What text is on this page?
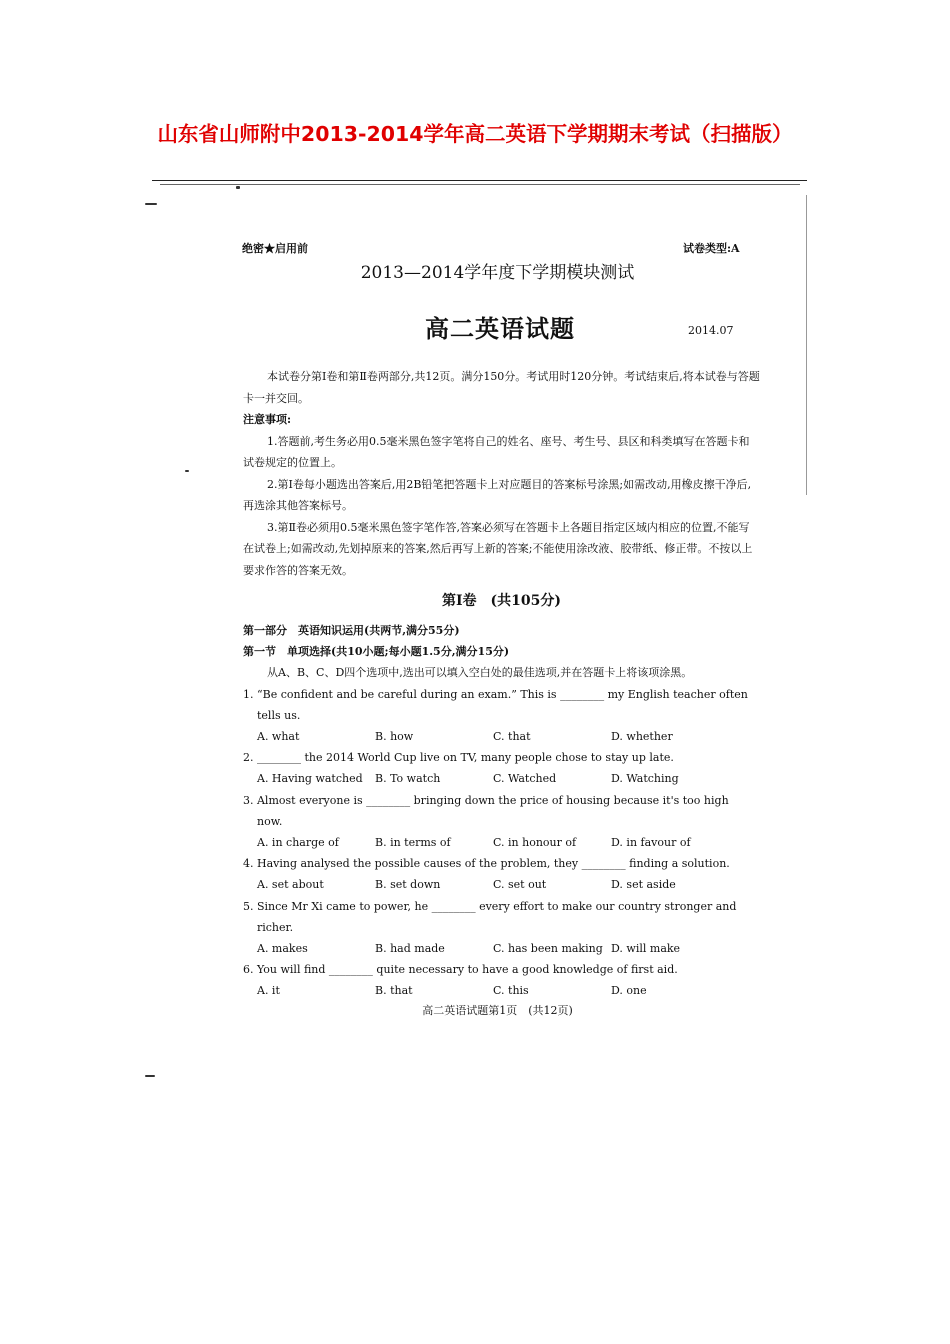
山东省山师附中2013-2014学年高二英语下学期期末考试（扫描版）
绝密★启用前	试卷类型:A
2013—2014学年度下学期模块测试
高二英语试题	2014.07

本试卷分第Ⅰ卷和第Ⅱ卷两部分,共12页。满分150分。考试用时120分钟。考试结束后,将本试卷与答题卡一并交回。

注意事项:

1.答题前,考生务必用0.5毫米黑色签字笔将自己的姓名、座号、考生号、县区和科类填写在答题卡和试卷规定的位置上。

2.第Ⅰ卷每小题选出答案后,用2B铅笔把答题卡上对应题目的答案标号涂黑;如需改动,用橡皮擦干净后,再选涂其他答案标号。

3.第Ⅱ卷必须用0.5毫米黑色签字笔作答,答案必须写在答题卡上各题目指定区域内相应的位置,不能写在试卷上;如需改动,先划掉原来的答案,然后再写上新的答案;不能使用涂改液、胶带纸、修正带。不按以上要求作答的答案无效。

第Ⅰ卷　(共105分)

第一部分　英语知识运用(共两节,满分55分)

第一节　单项选择(共10小题;每小题1.5分,满分15分)

从A、B、C、D四个选项中,选出可以填入空白处的最佳选项,并在答题卡上将该项涂黑。

1. “Be confident and be careful during an exam.” This is ________ my English teacher often

tells us.

A. what	B. how	C. that	D. whether

2. ________ the 2014 World Cup live on TV, many people chose to stay up late.

A. Having watched	B. To watch	C. Watched	D. Watching

3. Almost everyone is ________ bringing down the price of housing because it's too high

now.

A. in charge of	B. in terms of	C. in honour of	D. in favour of

4. Having analysed the possible causes of the problem, they ________ finding a solution.

A. set about	B. set down	C. set out	D. set aside

5. Since Mr Xi came to power, he ________ every effort to make our country stronger and

richer.

A. makes	B. had made	C. has been making D. will make

6. You will find ________ quite necessary to have a good knowledge of first aid.

A. it	B. that	C. this	D. one
高二英语试题第1页　(共12页)
